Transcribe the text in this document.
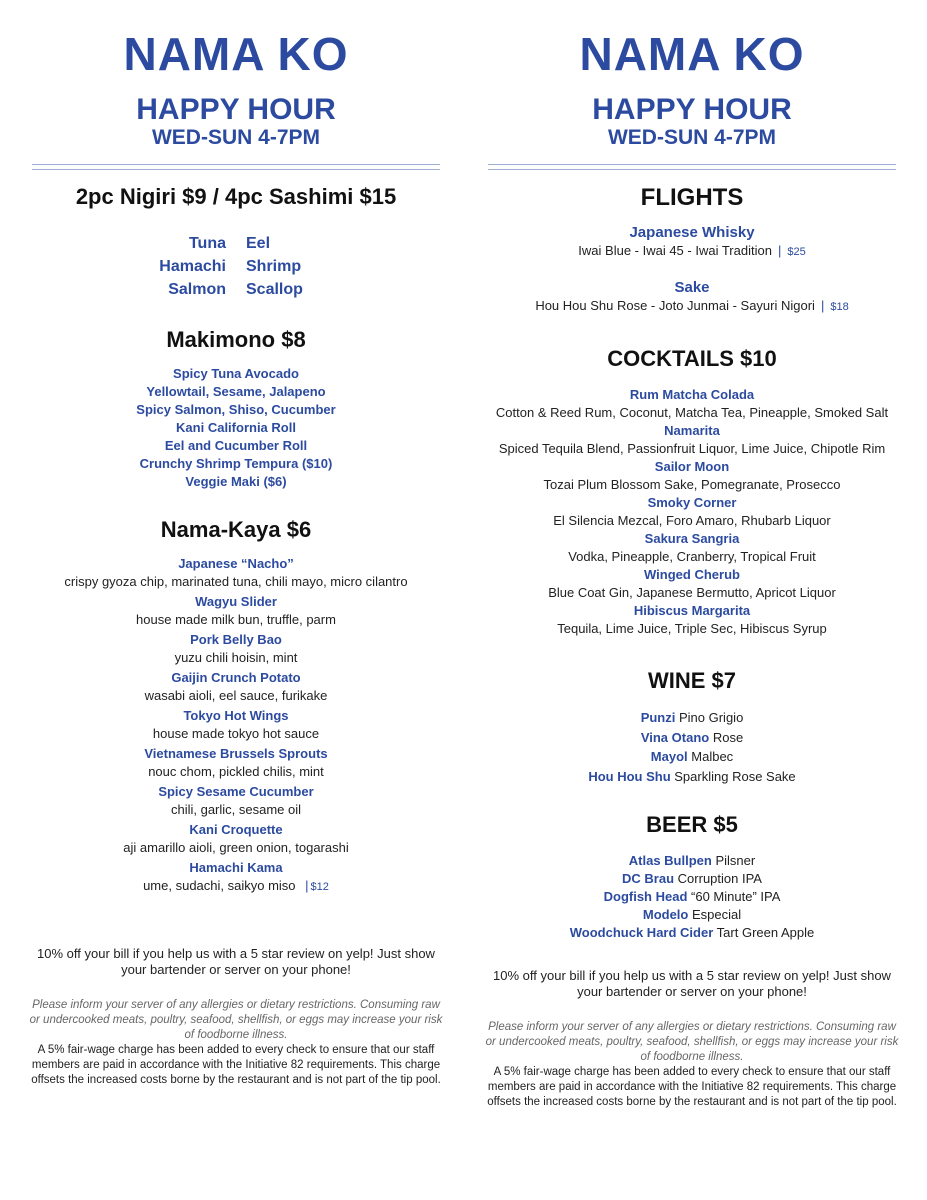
NAMA KO
HAPPY HOUR
WED-SUN 4-7PM
2pc Nigiri $9 / 4pc Sashimi $15
Tuna Eel
Hamachi Shrimp
Salmon Scallop
Makimono $8
Spicy Tuna Avocado
Yellowtail, Sesame, Jalapeno
Spicy Salmon, Shiso, Cucumber
Kani California Roll
Eel and Cucumber Roll
Crunchy Shrimp Tempura ($10)
Veggie Maki ($6)
Nama-Kaya $6
Japanese “Nacho”
crispy gyoza chip, marinated tuna, chili mayo, micro cilantro
Wagyu Slider
house made milk bun, truffle, parm
Pork Belly Bao
yuzu chili hoisin, mint
Gaijin Crunch Potato
wasabi aioli, eel sauce, furikake
Tokyo Hot Wings
house made tokyo hot sauce
Vietnamese Brussels Sprouts
nouc chom, pickled chilis, mint
Spicy Sesame Cucumber
chili, garlic, sesame oil
Kani Croquette
aji amarillo aioli, green onion, togarashi
Hamachi Kama
ume, sudachi, saikyo miso | $12
10% off your bill if you help us with a 5 star review on yelp! Just show your bartender or server on your phone!
Please inform your server of any allergies or dietary restrictions. Consuming raw or undercooked meats, poultry, seafood, shellfish, or eggs may increase your risk of foodborne illness.
A 5% fair-wage charge has been added to every check to ensure that our staff members are paid in accordance with the Initiative 82 requirements. This charge offsets the increased costs borne by the restaurant and is not part of the tip pool.
NAMA KO
HAPPY HOUR
WED-SUN 4-7PM
FLIGHTS
Japanese Whisky
Iwai Blue - Iwai 45 - Iwai Tradition | $25
Sake
Hou Hou Shu Rose - Joto Junmai - Sayuri Nigori | $18
COCKTAILS $10
Rum Matcha Colada
Cotton & Reed Rum, Coconut, Matcha Tea, Pineapple, Smoked Salt
Namarita
Spiced Tequila Blend, Passionfruit Liquor, Lime Juice, Chipotle Rim
Sailor Moon
Tozai Plum Blossom Sake, Pomegranate, Prosecco
Smoky Corner
El Silencia Mezcal, Foro Amaro, Rhubarb Liquor
Sakura Sangria
Vodka, Pineapple, Cranberry, Tropical Fruit
Winged Cherub
Blue Coat Gin, Japanese Bermutto, Apricot Liquor
Hibiscus Margarita
Tequila, Lime Juice, Triple Sec, Hibiscus Syrup
WINE $7
Punzi Pino Grigio
Vina Otano Rose
Mayol Malbec
Hou Hou Shu Sparkling Rose Sake
BEER $5
Atlas Bullpen Pilsner
DC Brau Corruption IPA
Dogfish Head “60 Minute” IPA
Modelo Especial
Woodchuck Hard Cider Tart Green Apple
10% off your bill if you help us with a 5 star review on yelp! Just show your bartender or server on your phone!
Please inform your server of any allergies or dietary restrictions. Consuming raw or undercooked meats, poultry, seafood, shellfish, or eggs may increase your risk of foodborne illness.
A 5% fair-wage charge has been added to every check to ensure that our staff members are paid in accordance with the Initiative 82 requirements. This charge offsets the increased costs borne by the restaurant and is not part of the tip pool.
